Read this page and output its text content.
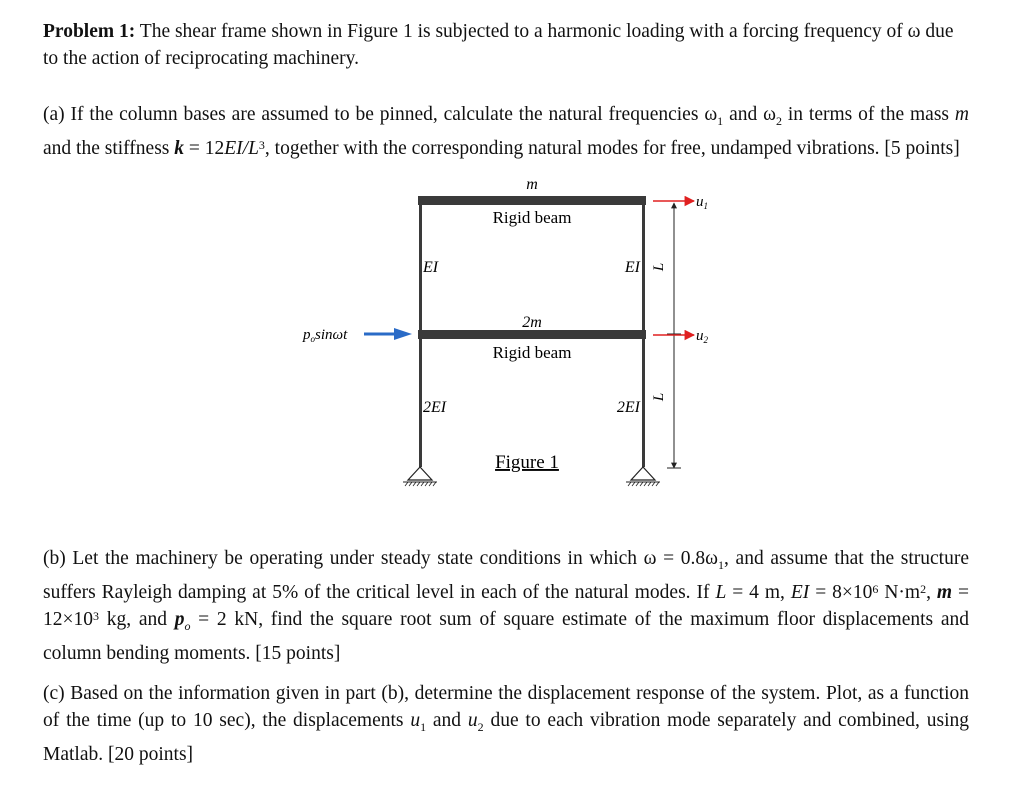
Problem 1: The shear frame shown in Figure 1 is subjected to a harmonic loading with a forcing frequency of ω due to the action of reciprocating machinery.

(a) If the column bases are assumed to be pinned, calculate the natural frequencies $\omega_1$ and $\omega_2$ in terms of the mass m and the stiffness $k = 12EI/L^3$, together with the corresponding natural modes for free, undamped vibrations. [5 points]

m
Rigid beam
2m
Rigid beam
EI	EI
2EI	2EI
L
L
$u_1$
$u_2$
$p_o\sin\omega t$
Figure 1

(b) Let the machinery be operating under steady state conditions in which $\omega = 0.8\omega_1$, and assume that the structure suffers Rayleigh damping at 5% of the critical level in each of the natural modes. If L = 4 m, EI = $8\times 10^6$ $N\cdot m^2$, $m = 12\times 10^3$ kg, and $p_o = 2$ kN, find the square root sum of square estimate of the maximum floor displacements and column bending moments. [15 points]

(c) Based on the information given in part (b), determine the displacement response of the system. Plot, as a function of the time (up to 10 sec), the displacements $u_1$ and $u_2$ due to each vibration mode separately and combined, using Matlab. [20 points]
